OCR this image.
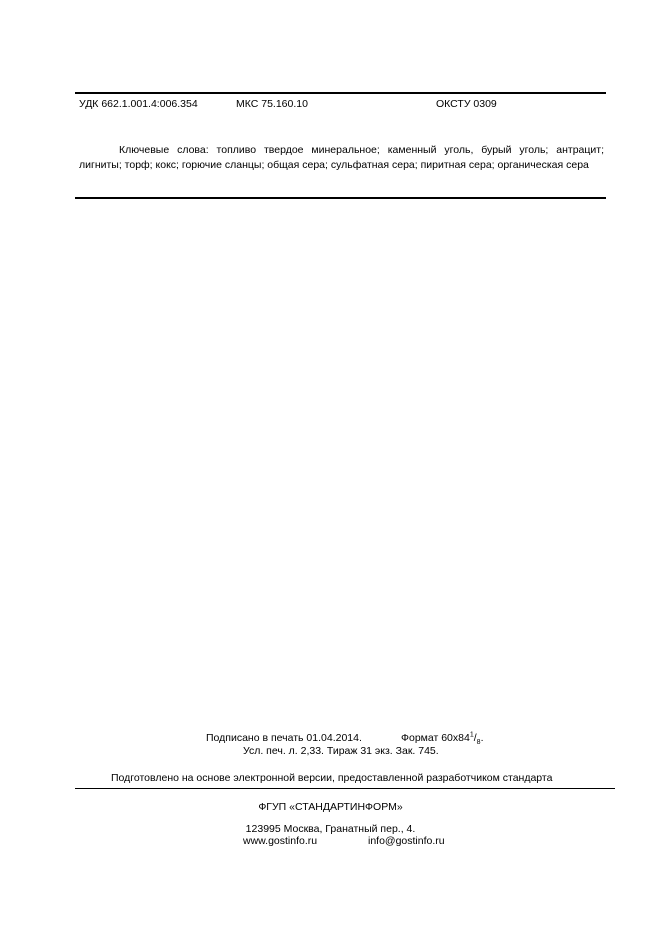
УДК 662.1.001.4:006.354	МКС 75.160.10	ОКСТУ 0309
Ключевые слова: топливо твердое минеральное; каменный уголь, бурый уголь; антрацит; лигниты; торф; кокс; горючие сланцы; общая сера; сульфатная сера; пиритная сера; органическая сера
Подписано в печать 01.04.2014.	Формат $60x84^1/_8$.
Усл. печ. л. 2,33. Тираж 31 экз. Зак. 745.
Подготовлено на основе электронной версии, предоставленной разработчиком стандарта
ФГУП «СТАНДАРТИНФОРМ»
123995 Москва, Гранатный пер., 4.
www.gostinfo.ru	info@gostinfo.ru
